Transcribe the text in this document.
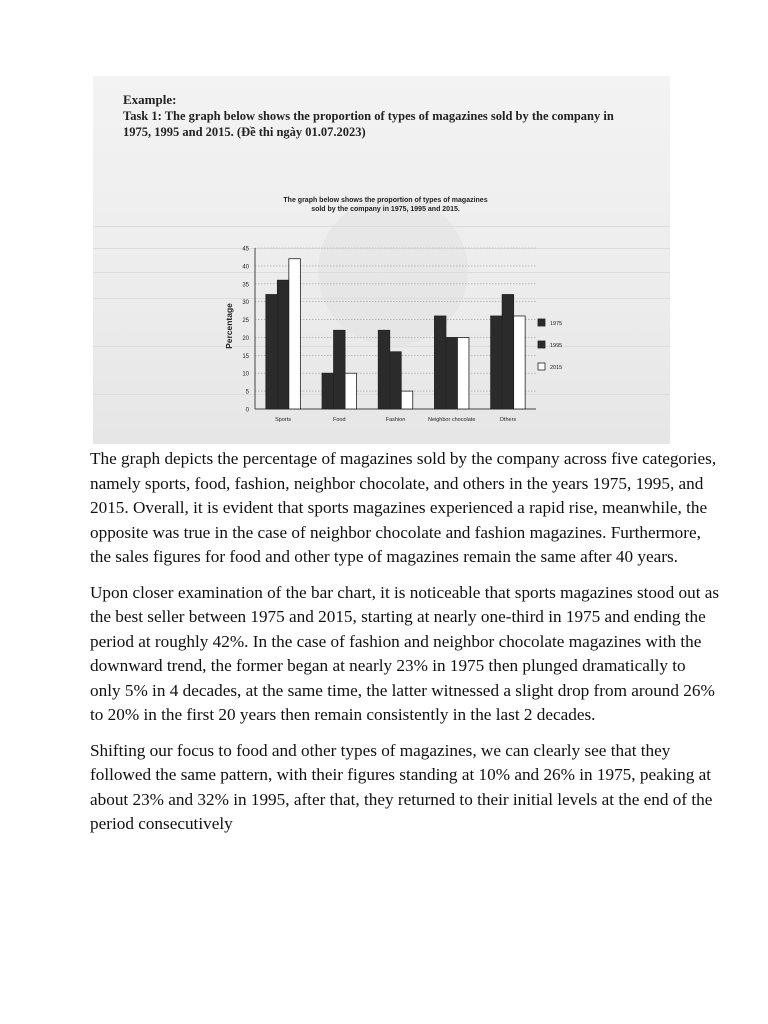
Example:
Task 1: The graph below shows the proportion of types of magazines sold by the company in
1975, 1995 and 2015. (Đề thi ngày 01.07.2023)
The graph below shows the proportion of types of magazines
sold by the company in 1975, 1995 and 2015.
0
5
10
15
20
25
30
35
40
45
Sports	Food	Fashion	Neighbor chocolate	Others
1975
1995
2015
Percentage

The graph depicts the percentage of magazines sold by the company across five categories, namely sports, food, fashion, neighbor chocolate, and others in the years 1975, 1995, and 2015. Overall, it is evident that sports magazines experienced a rapid rise, meanwhile, the opposite was true in the case of neighbor chocolate and fashion magazines. Furthermore, the sales figures for food and other type of magazines remain the same after 40 years.

Upon closer examination of the bar chart, it is noticeable that sports magazines stood out as the best seller between 1975 and 2015, starting at nearly one-third in 1975 and ending the period at roughly 42%. In the case of fashion and neighbor chocolate magazines with the downward trend, the former began at nearly 23% in 1975 then plunged dramatically to only 5% in 4 decades, at the same time, the latter witnessed a slight drop from around 26% to 20% in the first 20 years then remain consistently in the last 2 decades.

Shifting our focus to food and other types of magazines, we can clearly see that they followed the same pattern, with their figures standing at 10% and 26% in 1975, peaking at about 23% and 32% in 1995, after that, they returned to their initial levels at the end of the period consecutively
